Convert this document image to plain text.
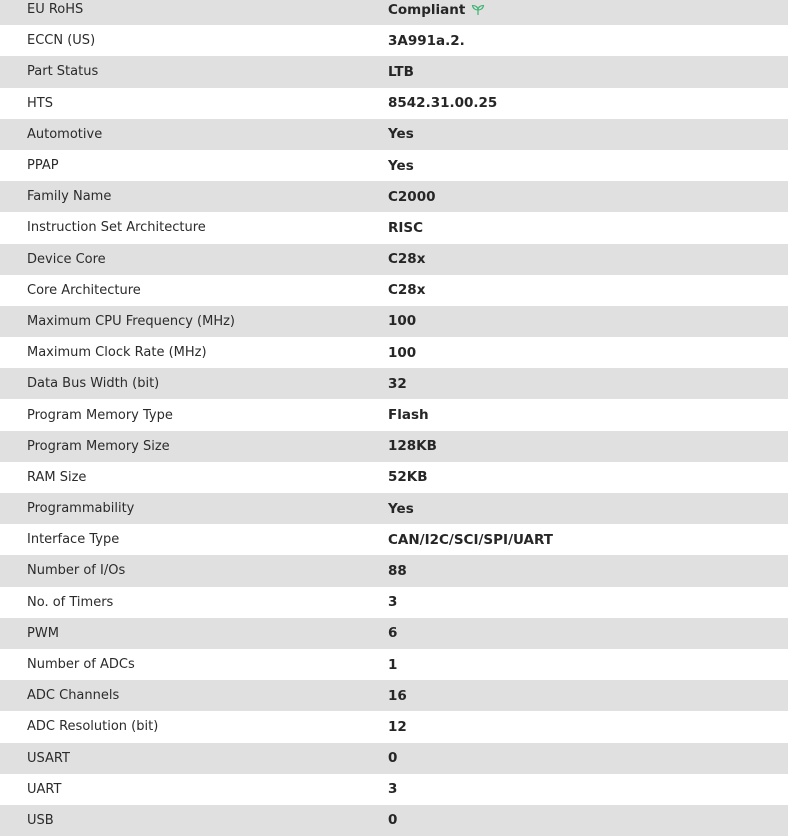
EU RoHS	Compliant
ECCN (US)	3A991a.2.
Part Status	LTB
HTS	8542.31.00.25
Automotive	Yes
PPAP	Yes
Family Name	C2000
Instruction Set Architecture	RISC
Device Core	C28x
Core Architecture	C28x
Maximum CPU Frequency (MHz)	100
Maximum Clock Rate (MHz)	100
Data Bus Width (bit)	32
Program Memory Type	Flash
Program Memory Size	128KB
RAM Size	52KB
Programmability	Yes
Interface Type	CAN/I2C/SCI/SPI/UART
Number of I/Os	88
No. of Timers	3
PWM	6
Number of ADCs	1
ADC Channels	16
ADC Resolution (bit)	12
USART	0
UART	3
USB	0
